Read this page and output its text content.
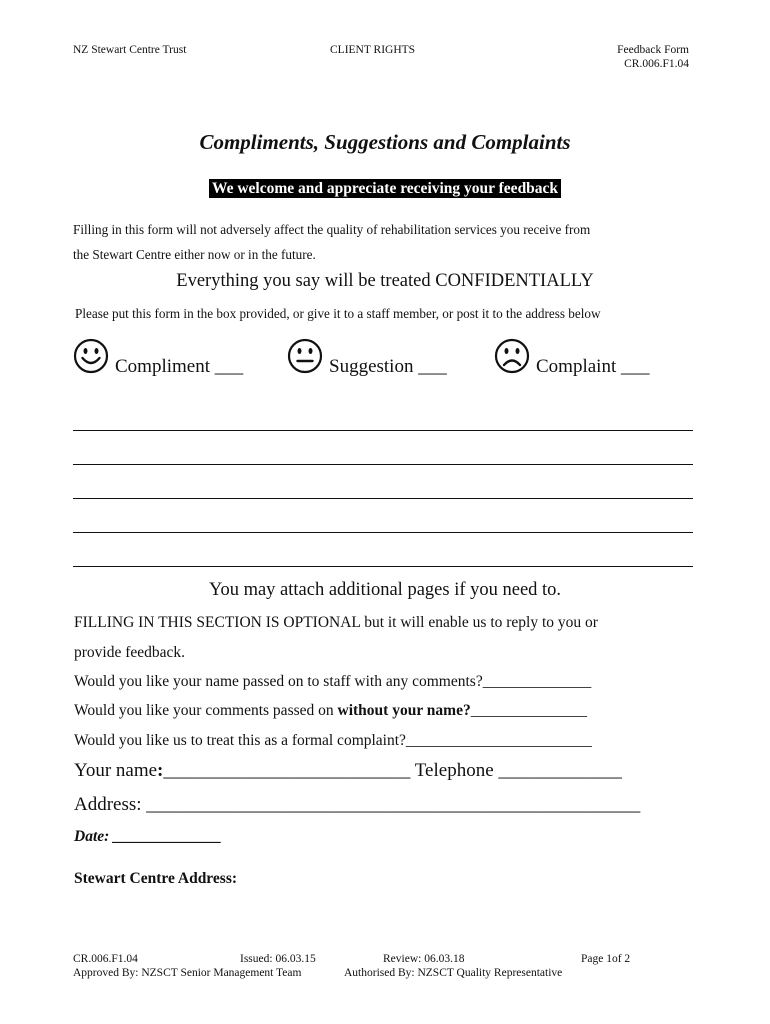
NZ Stewart Centre Trust	CLIENT RIGHTS	Feedback Form
CR.006.F1.04
Compliments, Suggestions and Complaints
We welcome and appreciate receiving your feedback
Filling in this form will not adversely affect the quality of rehabilitation services you receive from
the Stewart Centre either now or in the future.
Everything you say will be treated CONFIDENTIALLY
Please put this form in the box provided, or give it to a staff member, or post it to the address below
Compliment ___	Suggestion ___	Complaint ___
You may attach additional pages if you need to.
FILLING IN THIS SECTION IS OPTIONAL but it will enable us to reply to you or
provide feedback.
Would you like your name passed on to staff with any comments?______________
Would you like your comments passed on without your name?_______________
Would you like us to treat this as a formal complaint?________________________
Your name:__________________________ Telephone _____________
Address: ____________________________________________________
Date: ______________
Stewart Centre Address:
CR.006.F1.04	Issued: 06.03.15	Review: 06.03.18	Page 1of 2
Approved By: NZSCT Senior Management Team	Authorised By: NZSCT Quality Representative
